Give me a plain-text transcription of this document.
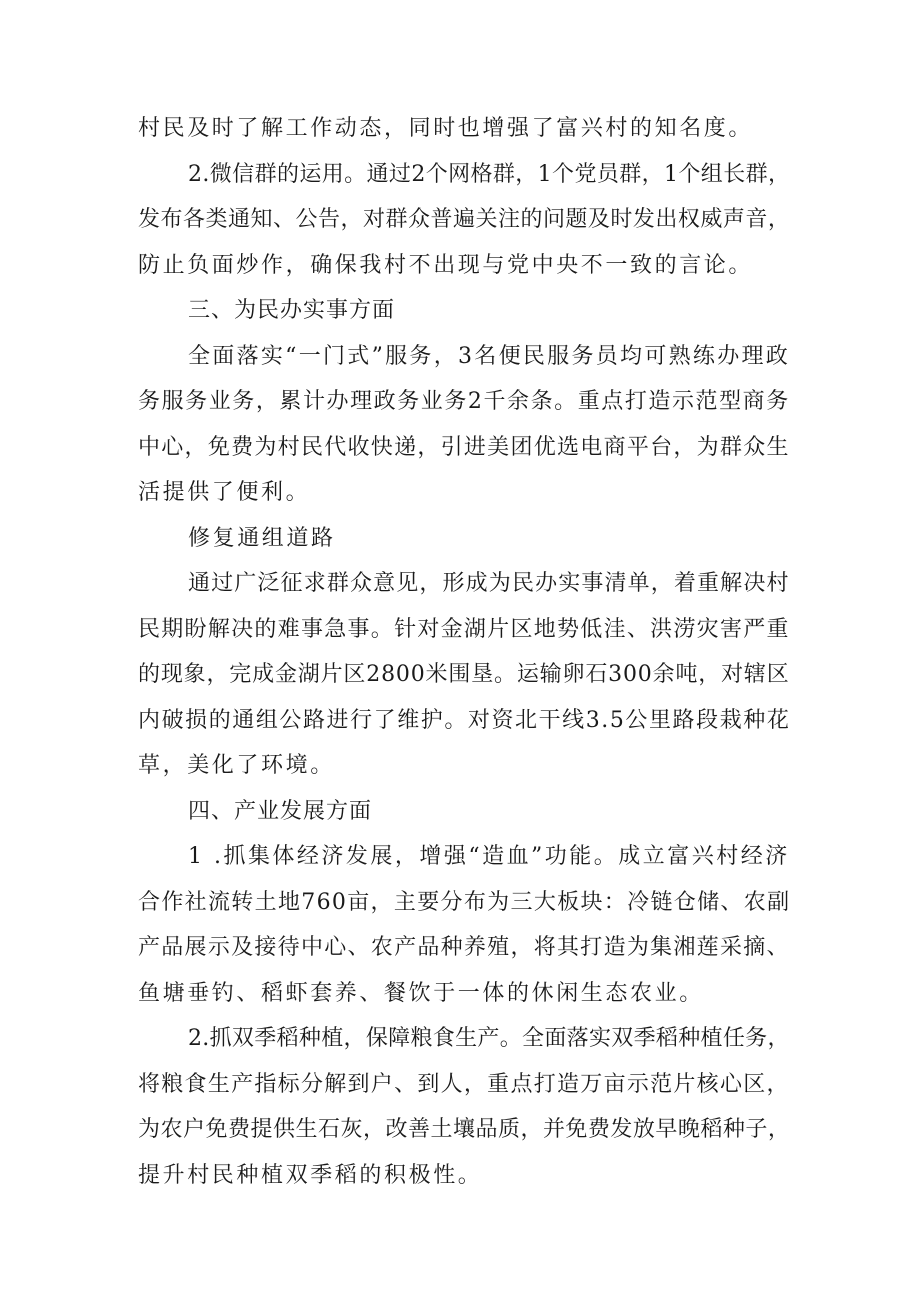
村民及时了解工作动态，同时也增强了富兴村的知名度。
2.微信群的运用。通过2个网格群，1个党员群，1个组长群，
发布各类通知、公告，对群众普遍关注的问题及时发出权威声音，
防止负面炒作，确保我村不出现与党中央不一致的言论。
三、为民办实事方面
全面落实“一门式”服务，3名便民服务员均可熟练办理政
务服务业务，累计办理政务业务2千余条。重点打造示范型商务
中心，免费为村民代收快递，引进美团优选电商平台，为群众生
活提供了便利。
修复通组道路
通过广泛征求群众意见，形成为民办实事清单，着重解决村
民期盼解决的难事急事。针对金湖片区地势低洼、洪涝灾害严重
的现象，完成金湖片区2800米围垦。运输卵石300余吨，对辖区
内破损的通组公路进行了维护。对资北干线3.5公里路段栽种花
草，美化了环境。
四、产业发展方面
1 .抓集体经济发展，增强“造血”功能。成立富兴村经济
合作社流转土地760亩，主要分布为三大板块：冷链仓储、农副
产品展示及接待中心、农产品种养殖，将其打造为集湘莲采摘、
鱼塘垂钓、稻虾套养、餐饮于一体的休闲生态农业。
2.抓双季稻种植，保障粮食生产。全面落实双季稻种植任务，
将粮食生产指标分解到户、到人，重点打造万亩示范片核心区，
为农户免费提供生石灰，改善土壤品质，并免费发放早晚稻种子，
提升村民种植双季稻的积极性。
